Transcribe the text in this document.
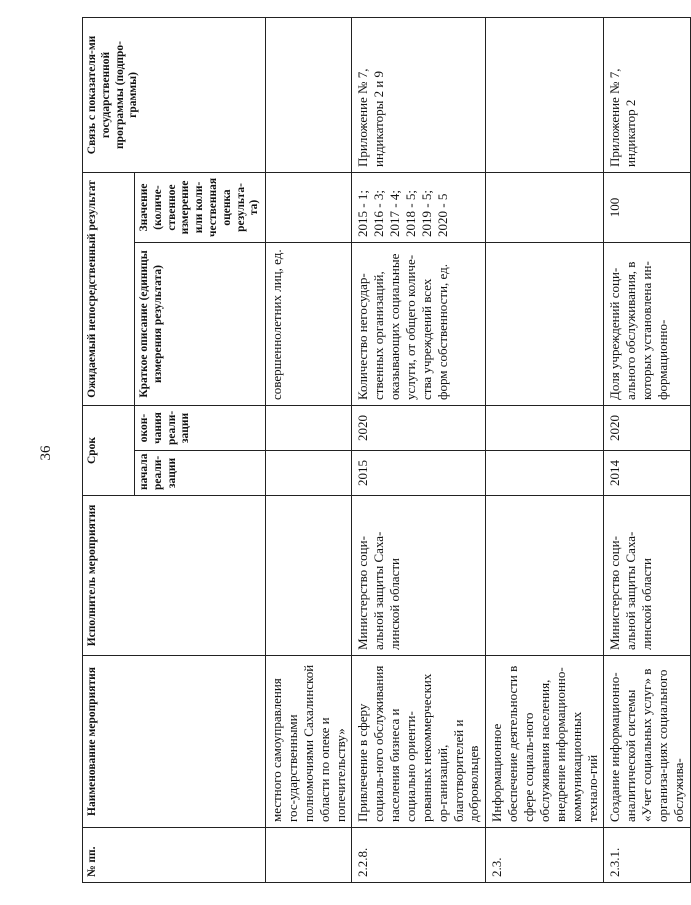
36
№ пп.	Наименование мероприятия	Исполнитель мероприятия	Срок		Ожидаемый непосредственный результат		Связь с показателя-ми государственной программы (подпро-граммы)
			начала реали-зации	окон-чания реали-зации	Краткое описание (единицы измерения результата)	Значение (количе-ственное измерение или коли-чественная оценка результа-та)	
	местного самоуправления гос-ударственными полномочиями Сахалинской области по опеке и попечительству»				совершеннолетних лиц, ед.		
2.2.8.	Привлечение в сферу социаль-ного обслуживания населения бизнеса и социально ориенти-рованных некоммерческих ор-ганизаций, благотворителей и добровольцев	Министерство соци-альной защиты Саха-линской области	2015	2020	Количество негосудар-ственных организаций, оказывающих социальные услуги, от общего количе-ства учреждений всех форм собственности, ед.	2015 - 1; 2016 - 3; 2017 - 4; 2018 - 5; 2019 - 5; 2020 - 5	Приложение № 7, индикаторы 2 и 9
2.3.	Информационное обеспечение деятельности в сфере социаль-ного обслуживания населения, внедрение информационно-коммуникационных технало-гий						
2.3.1.	Создание информационно-аналитической системы «Учет социальных услуг» в организа-циях социального обслужива-	Министерство соци-альной защиты Саха-линской области	2014	2020	Доля учреждений соци-ального обслуживания, в которых установлена ин-формационно-	100	Приложение № 7, индикатор 2
